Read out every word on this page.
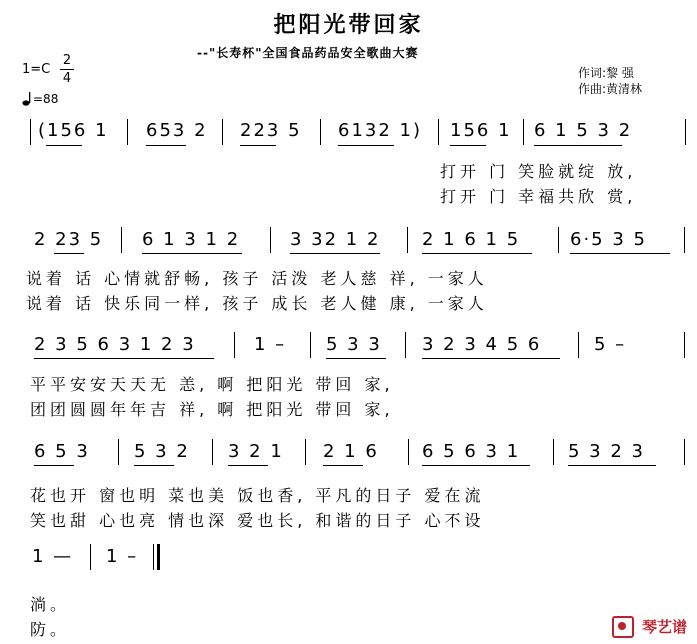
把阳光带回家
--"长寿杯"全国食品药品安全歌曲大赛
1=C
2
4
=88
作词:黎 强
作曲:黄清林
(156 1 653 2 223 5 6132 1) 156 1 6 1 5 3 2
打开 门 笑脸就绽 放,
打开 门 幸福共欣 赏,
2 23 5 6 1 3 1 2	3 32 1 2 2 1 6 1 5	6·5 3 5
说着 话 心情就舒畅, 孩子 活泼 老人慈 祥, 一家人
说着 话 快乐同一样, 孩子 成长 老人健 康, 一家人
2 3 5 6 3 1 2 3	1 – 5 3 3 3 2 3 4 5 6	5 –
平平安安天天无 恙, 啊 把阳光 带回 家,
团团圆圆年年吉 祥, 啊 把阳光 带回 家,
6 5 3 5 3 2 3 2 1 2 1 6 6 5 6 3 1	5 3 2 3
花也开 窗也明 菜也美 饭也香, 平凡的日子 爱在流
笑也甜 心也亮 情也深 爱也长, 和谐的日子 心不设
1 — 1 –
淌。
防。	琴艺谱
